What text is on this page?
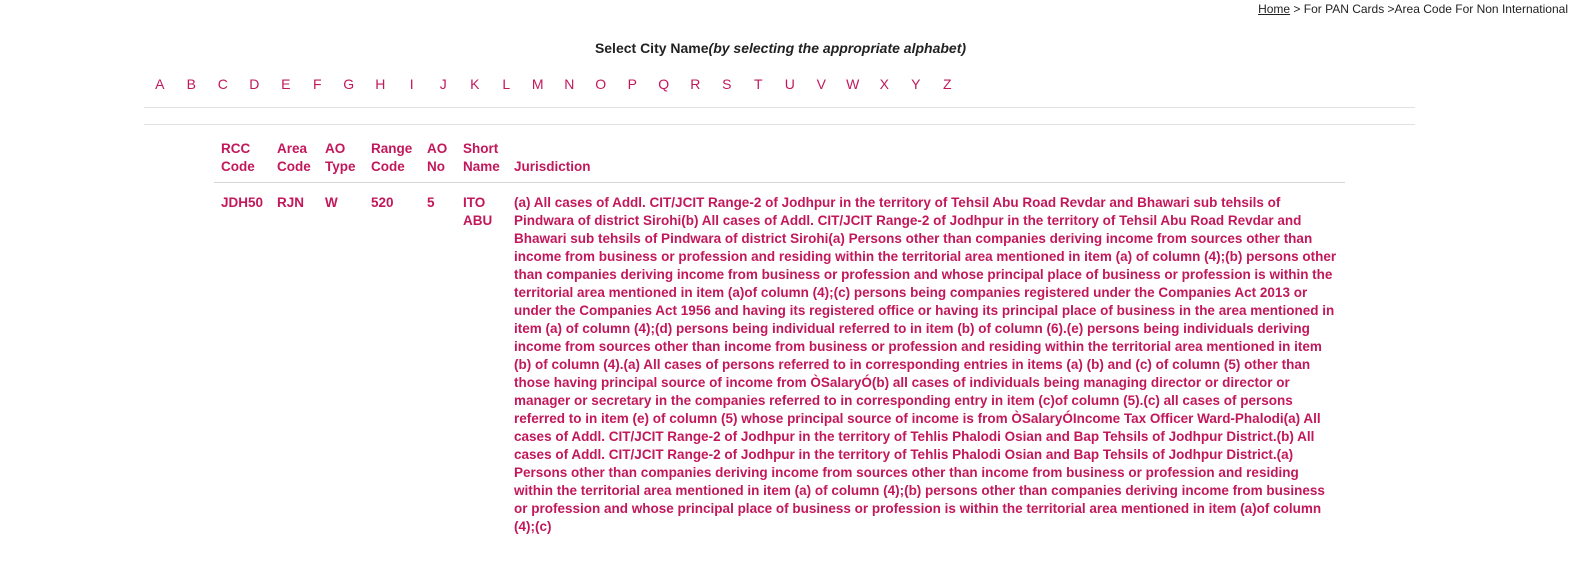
Home > For PAN Cards >Area Code For Non International
Select City Name(by selecting the appropriate alphabet)
A	B	C	D	E	F	G	H	I	J	K	L	M	N	O	P	Q	R	S	T	U	V	W	X	Y	Z
RCC Code	Area Code	AO Type	Range Code	AO No	Short Name	Jurisdiction
JDH50	RJN	W	520	5	ITO ABU	(a) All cases of Addl. CIT/JCIT Range-2 of Jodhpur in the territory of Tehsil Abu Road Revdar and Bhawari sub tehsils of Pindwara of district Sirohi(b) All cases of Addl. CIT/JCIT Range-2 of Jodhpur in the territory of Tehsil Abu Road Revdar and Bhawari sub tehsils of Pindwara of district Sirohi(a) Persons other than companies deriving income from sources other than income from business or profession and residing within the territorial area mentioned in item (a) of column (4);(b) persons other than companies deriving income from business or profession and whose principal place of business or profession is within the territorial area mentioned in item (a)of column (4);(c) persons being companies registered under the Companies Act 2013 or under the Companies Act 1956 and having its registered office or having its principal place of business in the area mentioned in item (a) of column (4);(d) persons being individual referred to in item (b) of column (6).(e) persons being individuals deriving income from sources other than income from business or profession and residing within the territorial area mentioned in item (b) of column (4).(a) All cases of persons referred to in corresponding entries in items (a) (b) and (c) of column (5) other than those having principal source of income from ÒSalaryÓ(b) all cases of individuals being managing director or director or manager or secretary in the companies referred to in corresponding entry in item (c)of column (5).(c) all cases of persons referred to in item (e) of column (5) whose principal source of income is from ÒSalaryÓIncome Tax Officer Ward-Phalodi(a) All cases of Addl. CIT/JCIT Range-2 of Jodhpur in the territory of Tehlis Phalodi Osian and Bap Tehsils of Jodhpur District.(b) All cases of Addl. CIT/JCIT Range-2 of Jodhpur in the territory of Tehlis Phalodi Osian and Bap Tehsils of Jodhpur District.(a) Persons other than companies deriving income from sources other than income from business or profession and residing within the territorial area mentioned in item (a) of column (4);(b) persons other than companies deriving income from business or profession and whose principal place of business or profession is within the territorial area mentioned in item (a)of column (4);(c)
